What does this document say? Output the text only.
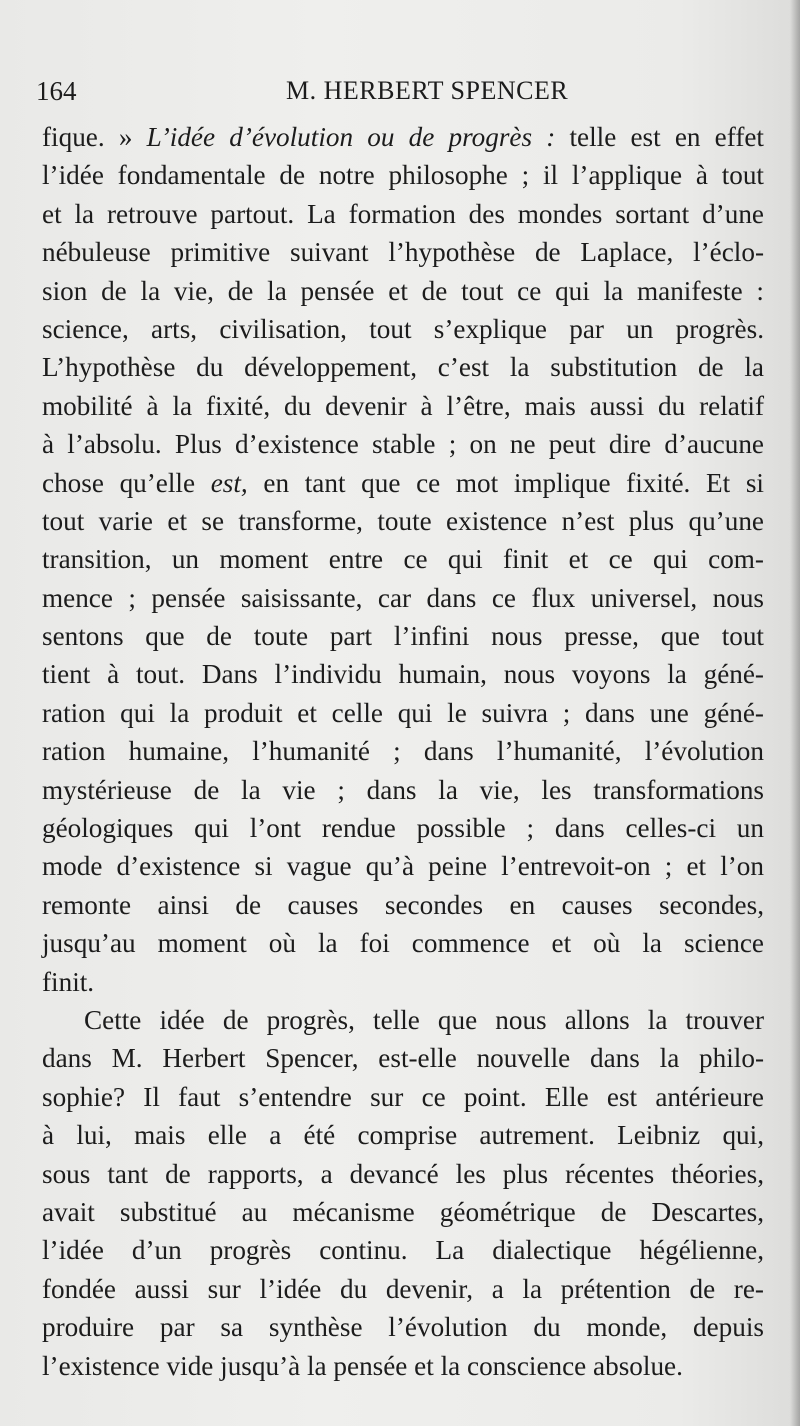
164	M. HERBERT SPENCER
fique. » L’idée d’évolution ou de progrès : telle est en effet
l’idée fondamentale de notre philosophe ; il l’applique à tout
et la retrouve partout. La formation des mondes sortant d’une
nébuleuse primitive suivant l’hypothèse de Laplace, l’éclo-
sion de la vie, de la pensée et de tout ce qui la manifeste :
science, arts, civilisation, tout s’explique par un progrès.
L’hypothèse du développement, c’est la substitution de la
mobilité à la fixité, du devenir à l’être, mais aussi du relatif
à l’absolu. Plus d’existence stable ; on ne peut dire d’aucune
chose qu’elle est, en tant que ce mot implique fixité. Et si
tout varie et se transforme, toute existence n’est plus qu’une
transition, un moment entre ce qui finit et ce qui com-
mence ; pensée saisissante, car dans ce flux universel, nous
sentons que de toute part l’infini nous presse, que tout
tient à tout. Dans l’individu humain, nous voyons la géné-
ration qui la produit et celle qui le suivra ; dans une géné-
ration humaine, l’humanité ; dans l’humanité, l’évolution
mystérieuse de la vie ; dans la vie, les transformations
géologiques qui l’ont rendue possible ; dans celles-ci un
mode d’existence si vague qu’à peine l’entrevoit-on ; et l’on
remonte ainsi de causes secondes en causes secondes,
jusqu’au moment où la foi commence et où la science
finit.
Cette idée de progrès, telle que nous allons la trouver
dans M. Herbert Spencer, est-elle nouvelle dans la philo-
sophie? Il faut s’entendre sur ce point. Elle est antérieure
à lui, mais elle a été comprise autrement. Leibniz qui,
sous tant de rapports, a devancé les plus récentes théories,
avait substitué au mécanisme géométrique de Descartes,
l’idée d’un progrès continu. La dialectique hégélienne,
fondée aussi sur l’idée du devenir, a la prétention de re-
produire par sa synthèse l’évolution du monde, depuis
l’existence vide jusqu’à la pensée et la conscience absolue.
